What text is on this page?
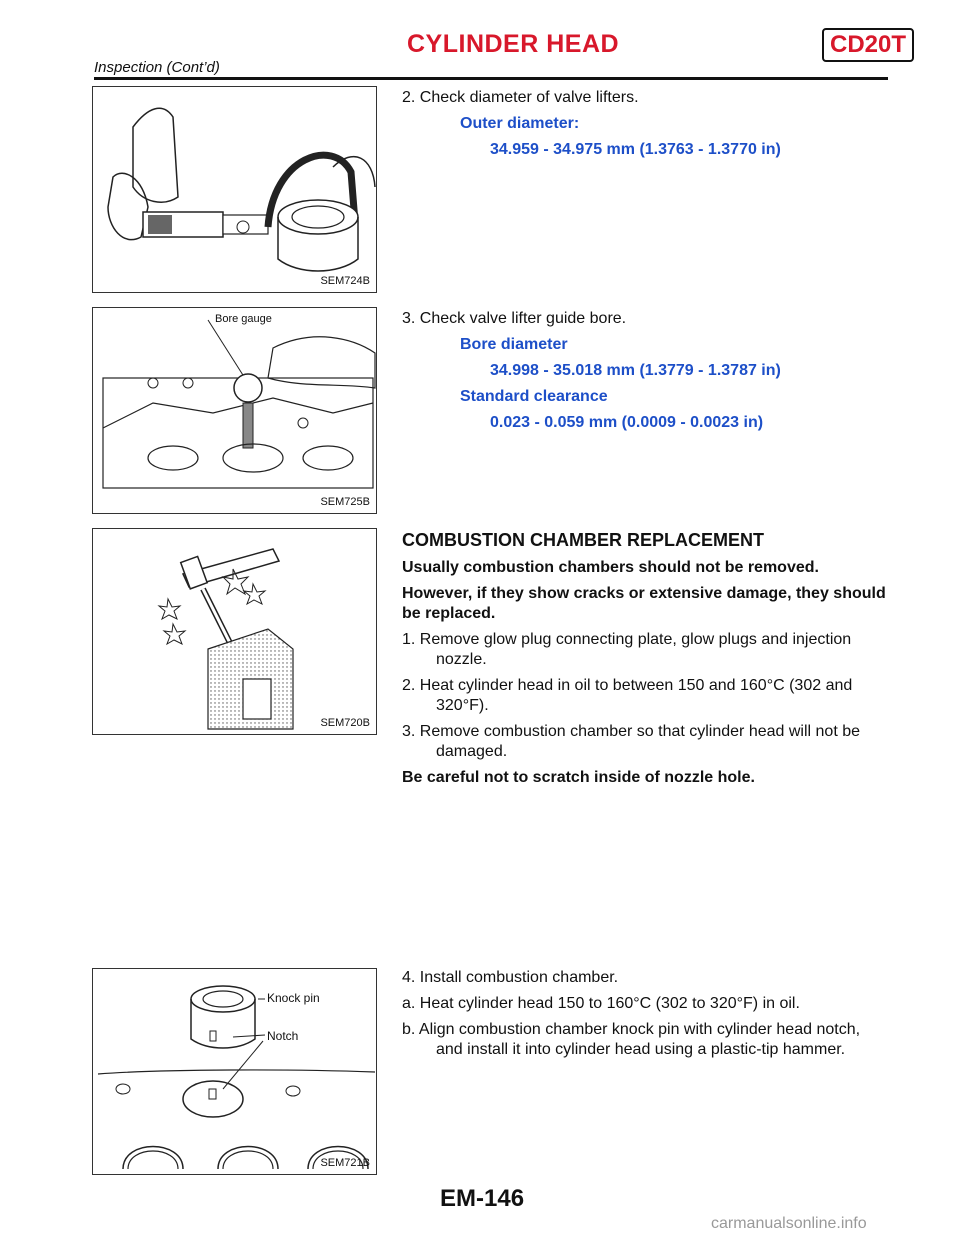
CYLINDER HEAD	CD20T
Inspection (Cont’d)
SEM724B
Bore gauge
SEM725B
SEM720B
Knock pin
Notch
SEM721B

2. Check diameter of valve lifters.

Outer diameter:

34.959 - 34.975 mm (1.3763 - 1.3770 in)

3. Check valve lifter guide bore.

Bore diameter

34.998 - 35.018 mm (1.3779 - 1.3787 in)

Standard clearance

0.023 - 0.059 mm (0.0009 - 0.0023 in)

COMBUSTION CHAMBER REPLACEMENT

Usually combustion chambers should not be removed.

However, if they show cracks or extensive damage, they should be replaced.

1. Remove glow plug connecting plate, glow plugs and injection nozzle.

2. Heat cylinder head in oil to between 150 and 160°C (302 and 320°F).

3. Remove combustion chamber so that cylinder head will not be damaged.

Be careful not to scratch inside of nozzle hole.

4. Install combustion chamber.

a. Heat cylinder head 150 to 160°C (302 to 320°F) in oil.

b. Align combustion chamber knock pin with cylinder head notch, and install it into cylinder head using a plastic-tip hammer.

EM-146
carmanualsonline.info
